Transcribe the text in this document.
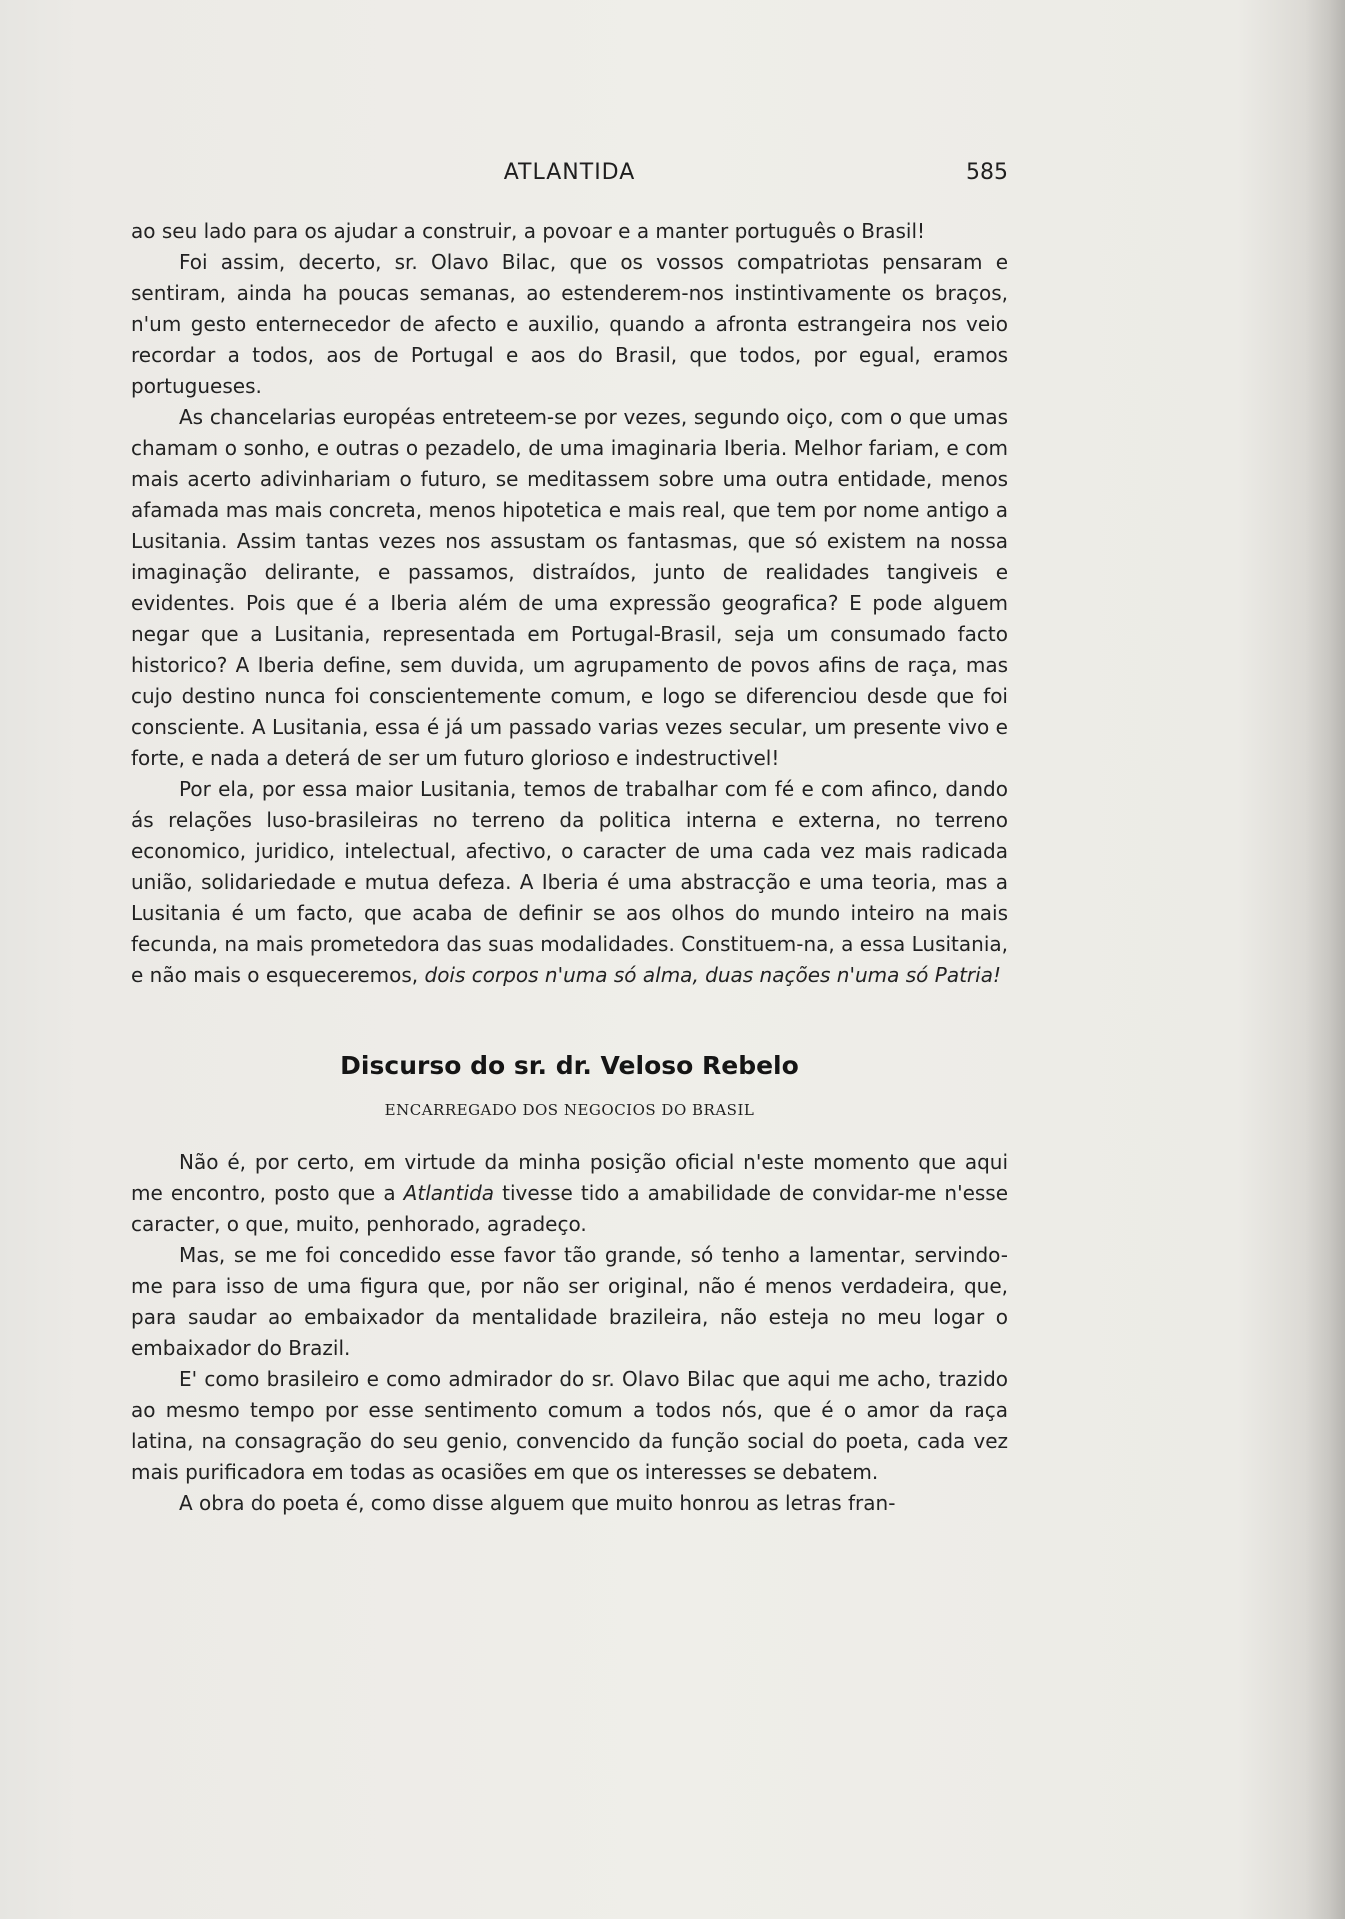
ATLANTIDA	585

ao seu lado para os ajudar a construir, a povoar e a manter português o Brasil!

Foi assim, decerto, sr. Olavo Bilac, que os vossos compatriotas pensaram e sentiram, ainda ha poucas semanas, ao estenderem-nos instintivamente os braços, n'um gesto enternecedor de afecto e auxilio, quando a afronta estrangeira nos veio recordar a todos, aos de Portugal e aos do Brasil, que todos, por egual, eramos portugueses.

As chancelarias européas entreteem-se por vezes, segundo oiço, com o que umas chamam o sonho, e outras o pezadelo, de uma imaginaria Iberia. Melhor fariam, e com mais acerto adivinhariam o futuro, se meditassem sobre uma outra entidade, menos afamada mas mais concreta, menos hipotetica e mais real, que tem por nome antigo a Lusitania. Assim tantas vezes nos assustam os fantasmas, que só existem na nossa imaginação delirante, e passamos, distraídos, junto de realidades tangiveis e evidentes. Pois que é a Iberia além de uma expressão geografica? E pode alguem negar que a Lusitania, representada em Portugal-Brasil, seja um consumado facto historico? A Iberia define, sem duvida, um agrupamento de povos afins de raça, mas cujo destino nunca foi conscientemente comum, e logo se diferenciou desde que foi consciente. A Lusitania, essa é já um passado varias vezes secular, um presente vivo e forte, e nada a deterá de ser um futuro glorioso e indestructivel!

Por ela, por essa maior Lusitania, temos de trabalhar com fé e com afinco, dando ás relações luso-brasileiras no terreno da politica interna e externa, no terreno economico, juridico, intelectual, afectivo, o caracter de uma cada vez mais radicada união, solidariedade e mutua defeza. A Iberia é uma abstracção e uma teoria, mas a Lusitania é um facto, que acaba de definir se aos olhos do mundo inteiro na mais fecunda, na mais prometedora das suas modalidades. Constituem-na, a essa Lusitania, e não mais o esqueceremos, dois corpos n'uma só alma, duas nações n'uma só Patria!

Discurso do sr. dr. Veloso Rebelo
ENCARREGADO DOS NEGOCIOS DO BRASIL

Não é, por certo, em virtude da minha posição oficial n'este momento que aqui me encontro, posto que a Atlantida tivesse tido a amabilidade de convidar-me n'esse caracter, o que, muito, penhorado, agradeço.

Mas, se me foi concedido esse favor tão grande, só tenho a lamentar, servindo-me para isso de uma figura que, por não ser original, não é menos verdadeira, que, para saudar ao embaixador da mentalidade brazileira, não esteja no meu logar o embaixador do Brazil.

E' como brasileiro e como admirador do sr. Olavo Bilac que aqui me acho, trazido ao mesmo tempo por esse sentimento comum a todos nós, que é o amor da raça latina, na consagração do seu genio, convencido da função social do poeta, cada vez mais purificadora em todas as ocasiões em que os interesses se debatem.

A obra do poeta é, como disse alguem que muito honrou as letras fran-
